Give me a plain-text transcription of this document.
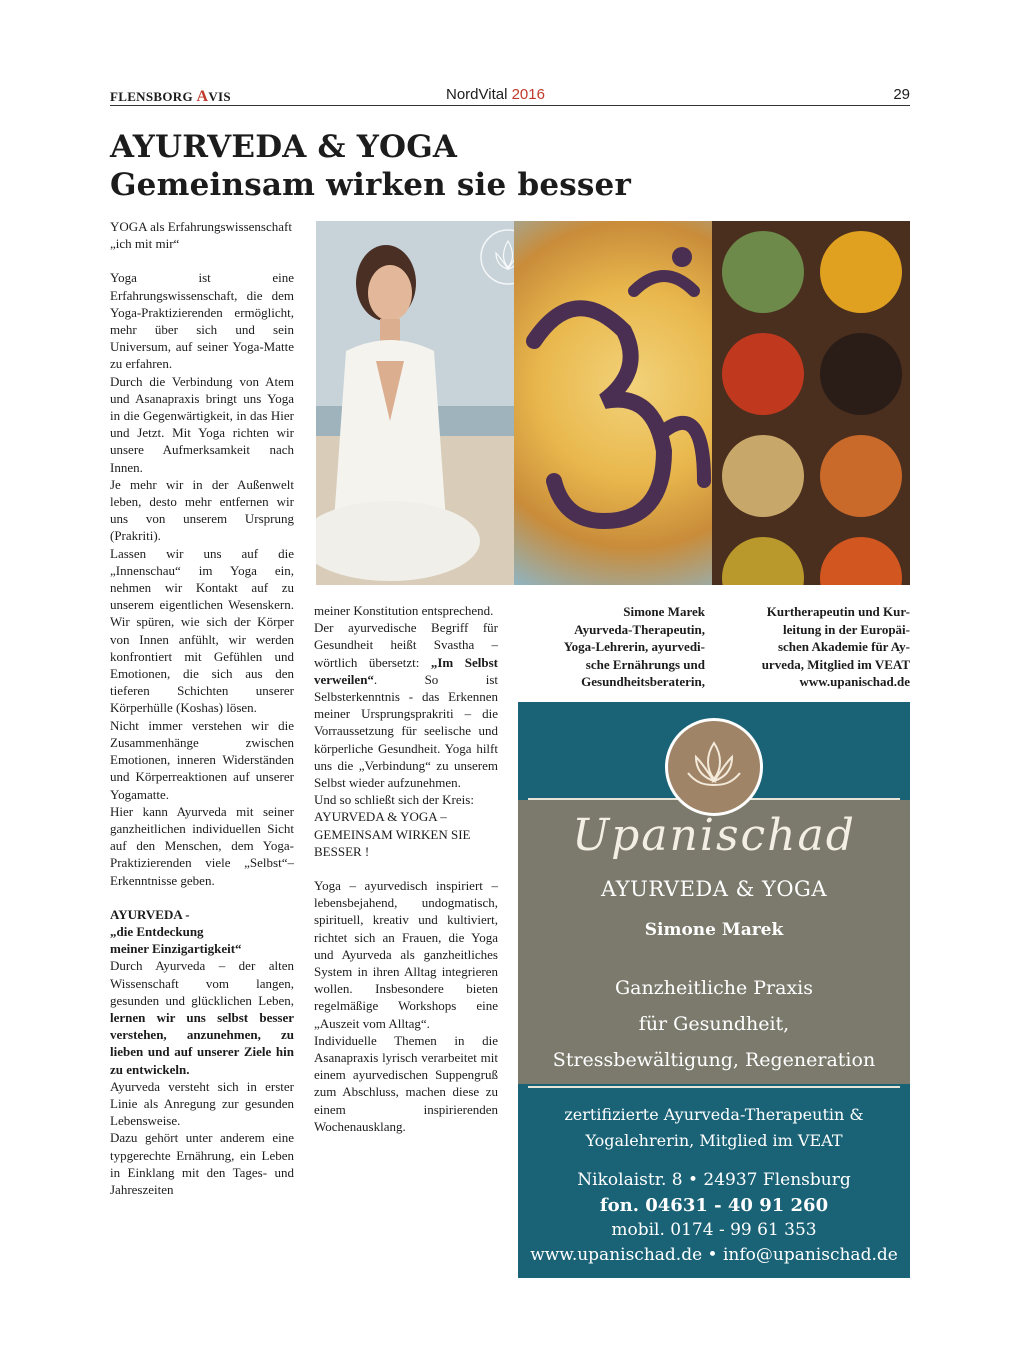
FLENSBORG AVIS	NordVital 2016	29
AYURVEDA & YOGA
Gemeinsam wirken sie besser

YOGA als Erfahrungswissenschaft „ich mit mir“

Yoga ist eine Erfahrungswissenschaft, die dem Yoga-Praktizierenden ermöglicht, mehr über sich und sein Universum, auf seiner Yoga-Matte zu erfahren.

Durch die Verbindung von Atem und Asanapraxis bringt uns Yoga in die Gegenwärtigkeit, in das Hier und Jetzt. Mit Yoga richten wir unsere Aufmerksamkeit nach Innen.

Je mehr wir in der Außenwelt leben, desto mehr entfernen wir uns von unserem Ursprung (Prakriti).

Lassen wir uns auf die „Innenschau“ im Yoga ein, nehmen wir Kontakt auf zu unserem eigentlichen Wesenskern. Wir spüren, wie sich der Körper von Innen anfühlt, wir werden konfrontiert mit Gefühlen und Emotionen, die sich aus den tieferen Schichten unserer Körperhülle (Koshas) lösen.

Nicht immer verstehen wir die Zusammenhänge zwischen Emotionen, inneren Widerständen und Körperreaktionen auf unserer Yogamatte.

Hier kann Ayurveda mit seiner ganzheitlichen individuellen Sicht auf den Menschen, dem Yoga-Praktizierenden viele „Selbst“–Erkenntnisse geben.

AYURVEDA -
„die Entdeckung
meiner Einzigartigkeit“

Durch Ayurveda – der alten Wissenschaft vom langen, gesunden und glücklichen Leben, lernen wir uns selbst besser verstehen, anzunehmen, zu lieben und auf unserer Ziele hin zu entwickeln.

Ayurveda versteht sich in erster Linie als Anregung zur gesunden Lebensweise.

Dazu gehört unter anderem eine typgerechte Ernährung, ein Leben in Einklang mit den Tages- und Jahreszeiten

meiner Konstitution entsprechend.

Der ayurvedische Begriff für Gesundheit heißt Svastha – wörtlich übersetzt: „Im Selbst verweilen“. So ist Selbsterkenntnis - das Erkennen meiner Ursprungsprakriti – die Vorraussetzung für seelische und körperliche Gesundheit. Yoga hilft uns die „Verbindung“ zu unserem Selbst wieder aufzunehmen.

Und so schließt sich der Kreis: AYURVEDA & YOGA – GEMEINSAM WIRKEN SIE BESSER !

Yoga – ayurvedisch inspiriert – lebensbejahend, undogmatisch, spirituell, kreativ und kultiviert, richtet sich an Frauen, die Yoga und Ayurveda als ganzheitliches System in ihren Alltag integrieren wollen. Insbesondere bieten regelmäßige Workshops eine „Auszeit vom Alltag“.

Individuelle Themen in die Asanapraxis lyrisch verarbeitet mit einem ayurvedischen Suppengruß zum Abschluss, machen diese zu einem inspirierenden Wochenausklang.

Simone Marek
Ayurveda-Therapeutin,
Yoga-Lehrerin, ayurvedi-
sche Ernährungs und
Gesundheitsberaterin,
Kurtherapeutin und Kur-
leitung in der Europäi-
schen Akademie für Ay-
urveda, Mitglied im VEAT
www.upanischad.de
Upanischad
AYURVEDA & YOGA
Simone Marek
Ganzheitliche Praxis
für Gesundheit,
Stressbewältigung, Regeneration
zertifizierte Ayurveda-Therapeutin &
Yogalehrerin, Mitglied im VEAT
Nikolaistr. 8 • 24937 Flensburg
fon. 04631 - 40 91 260
mobil. 0174 - 99 61 353
www.upanischad.de • info@upanischad.de
